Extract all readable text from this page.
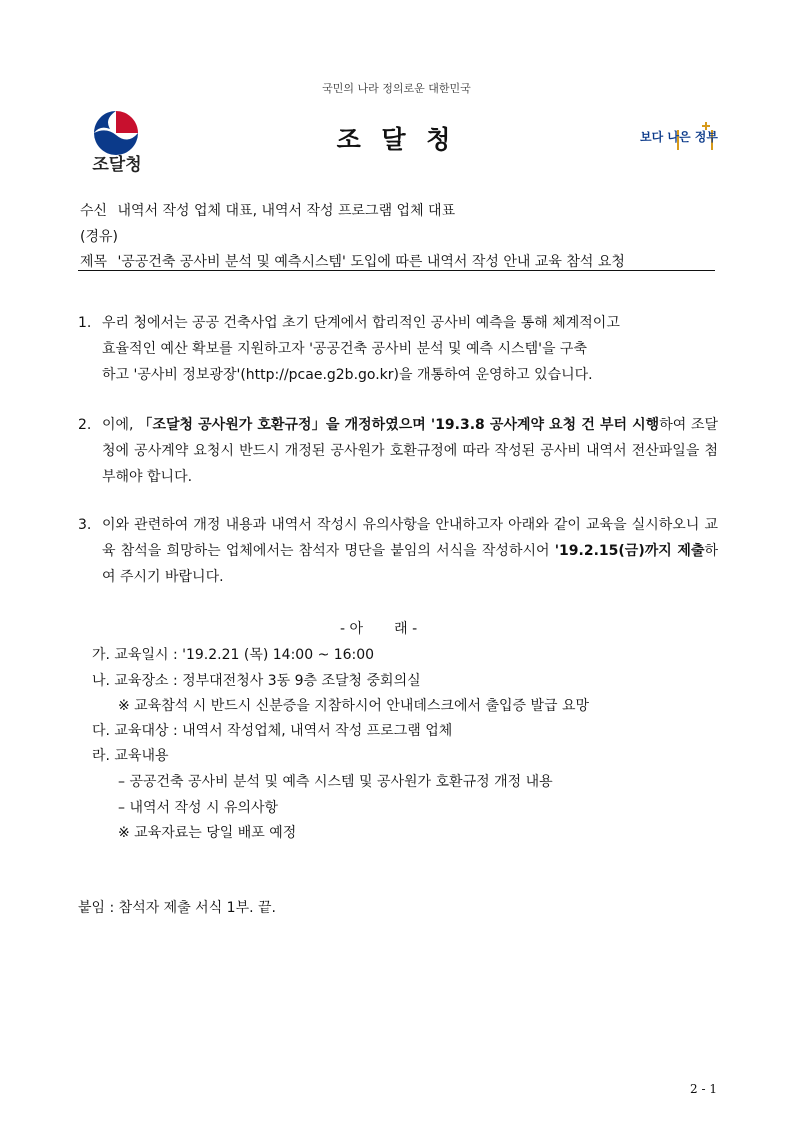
국민의 나라 정의로운 대한민국
조달청
조 달 청	보다 나은 정부
수신 내역서 작성 업체 대표, 내역서 작성 프로그램 업체 대표
(경유)
제목 '공공건축 공사비 분석 및 예측시스템' 도입에 따른 내역서 작성 안내 교육 참석 요청
1. 우리 청에서는 공공 건축사업 초기 단계에서 합리적인 공사비 예측을 통해 체계적이고
효율적인 예산 확보를 지원하고자 '공공건축 공사비 분석 및 예측 시스템'을 구축
하고 '공사비 정보광장'(http://pcae.g2b.go.kr)을 개통하여 운영하고 있습니다.
2. 이에, 「조달청 공사원가 호환규정」을 개정하였으며 '19.3.8 공사계약 요청 건 부터 시행하여 조달청에 공사계약 요청시 반드시 개정된 공사원가 호환규정에 따라 작성된 공사비 내역서 전산파일을 첨부해야 합니다.
3. 이와 관련하여 개정 내용과 내역서 작성시 유의사항을 안내하고자 아래와 같이 교육을 실시하오니 교육 참석을 희망하는 업체에서는 참석자 명단을 붙임의 서식을 작성하시어 '19.2.15(금)까지 제출하여 주시기 바랍니다.
- 아       래 -
가. 교육일시 : '19.2.21 (목) 14:00 ~ 16:00
나. 교육장소 : 정부대전청사 3동 9층 조달청 중회의실
※ 교육참석 시 반드시 신분증을 지참하시어 안내데스크에서 출입증 발급 요망
다. 교육대상 : 내역서 작성업체, 내역서 작성 프로그램 업체
라. 교육내용
– 공공건축 공사비 분석 및 예측 시스템 및 공사원가 호환규정 개정 내용
– 내역서 작성 시 유의사항
※ 교육자료는 당일 배포 예정
붙임 : 참석자 제출 서식 1부. 끝.
2 - 1
